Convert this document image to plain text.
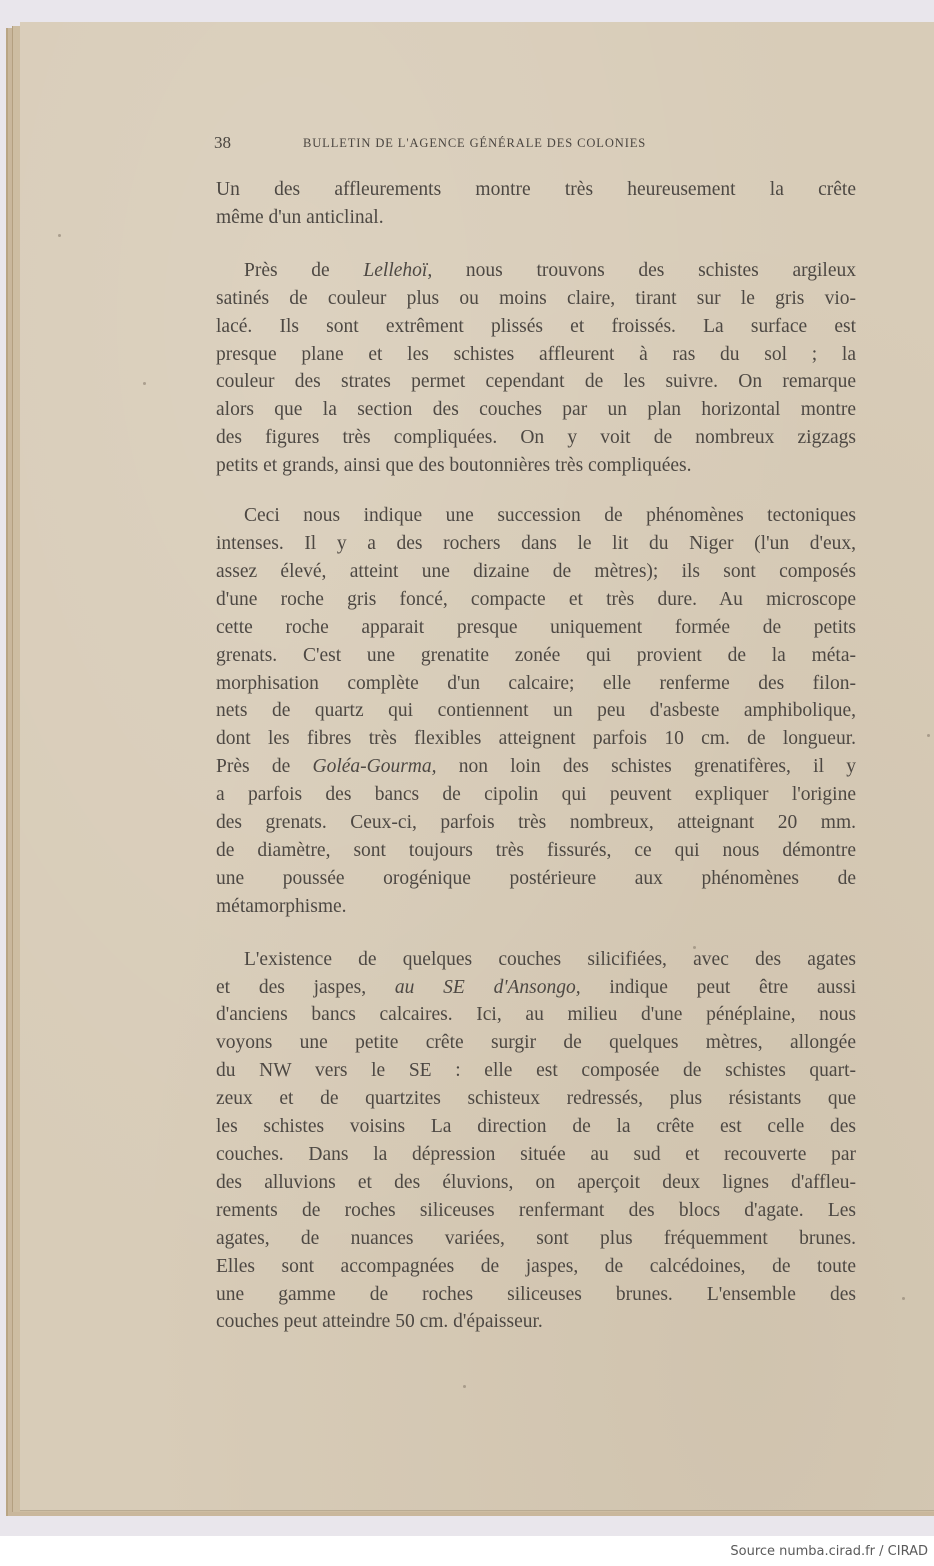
38	BULLETIN DE L'AGENCE GÉNÉRALE DES COLONIES

Un des affleurements montre très heureusement la crête
même d'un anticlinal.

Près de Lellehoï, nous trouvons des schistes argileux
satinés de couleur plus ou moins claire, tirant sur le gris vio-
lacé. Ils sont extrêment plissés et froissés. La surface est
presque plane et les schistes affleurent à ras du sol ; la
couleur des strates permet cependant de les suivre. On remarque
alors que la section des couches par un plan horizontal montre
des figures très compliquées. On y voit de nombreux zigzags
petits et grands, ainsi que des boutonnières très compliquées.

Ceci nous indique une succession de phénomènes tectoniques
intenses. Il y a des rochers dans le lit du Niger (l'un d'eux,
assez élevé, atteint une dizaine de mètres); ils sont composés
d'une roche gris foncé, compacte et très dure. Au microscope
cette roche apparait presque uniquement formée de petits
grenats. C'est une grenatite zonée qui provient de la méta-
morphisation complète d'un calcaire; elle renferme des filon-
nets de quartz qui contiennent un peu d'asbeste amphibolique,
dont les fibres très flexibles atteignent parfois 10 cm. de longueur.
Près de Goléa-Gourma, non loin des schistes grenatifères, il y
a parfois des bancs de cipolin qui peuvent expliquer l'origine
des grenats. Ceux-ci, parfois très nombreux, atteignant 20 mm.
de diamètre, sont toujours très fissurés, ce qui nous démontre
une poussée orogénique postérieure aux phénomènes de
métamorphisme.

L'existence de quelques couches silicifiées, avec des agates
et des jaspes, au SE d'Ansongo, indique peut être aussi
d'anciens bancs calcaires. Ici, au milieu d'une pénéplaine, nous
voyons une petite crête surgir de quelques mètres, allongée
du NW vers le SE : elle est composée de schistes quart-
zeux et de quartzites schisteux redressés, plus résistants que
les schistes voisins La direction de la crête est celle des
couches. Dans la dépression située au sud et recouverte par
des alluvions et des éluvions, on aperçoit deux lignes d'affleu-
rements de roches siliceuses renfermant des blocs d'agate. Les
agates, de nuances variées, sont plus fréquemment brunes.
Elles sont accompagnées de jaspes, de calcédoines, de toute
une gamme de roches siliceuses brunes. L'ensemble des
couches peut atteindre 50 cm. d'épaisseur.

Source numba.cirad.fr / CIRAD
